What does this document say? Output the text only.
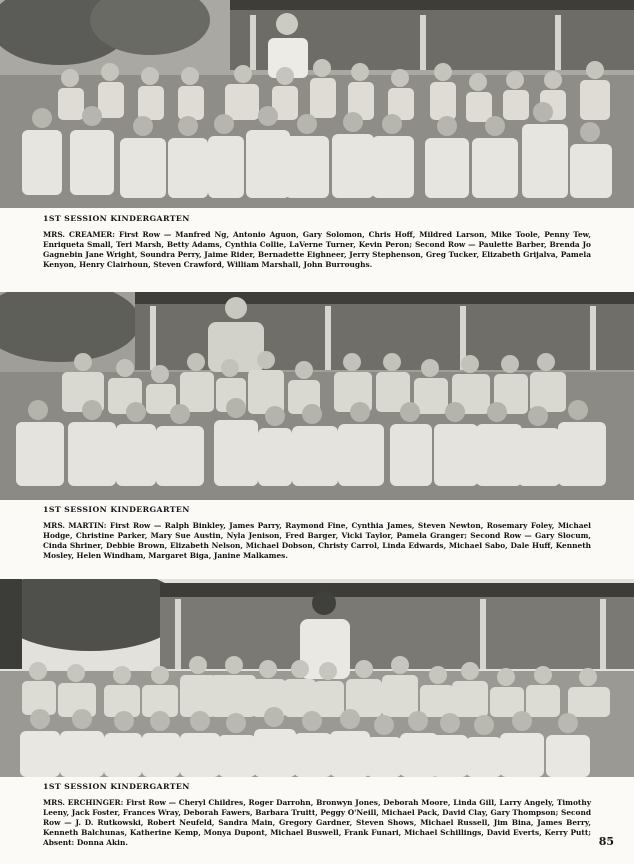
1ST SESSION KINDERGARTEN
MRS. CREAMER: First Row — Manfred Ng, Antonio Aguon, Gary Solomon, Chris Hoff, Mildred Larson, Mike Toole, Penny Tew, Enriqueta Small, Teri Marsh, Betty Adams, Cynthia Collie, LaVerne Turner, Kevin Peron; Second Row — Paulette Barber, Brenda Jo Gagnebin Jane Wright, Soundra Perry, Jaime Rider, Bernadette Eighneer, Jerry Stephenson, Greg Tucker, Elizabeth Grijalva, Pamela Kenyon, Henry Clairhoun, Steven Crawford, William Marshall, John Burroughs.
1ST SESSION KINDERGARTEN
MRS. MARTIN: First Row — Ralph Binkley, James Parry, Raymond Fine, Cynthia James, Steven Newton, Rosemary Foley, Michael Hodge, Christine Parker, Mary Sue Austin, Nyla Jenison, Fred Barger, Vicki Taylor, Pamela Granger; Second Row — Gary Slocum, Cinda Shriner, Debbie Brown, Elizabeth Nelson, Michael Dobson, Christy Carrol, Linda Edwards, Michael Sabo, Dale Huff, Kenneth Mosley, Helen Windham, Margaret Biga, Janine Malkames.
1ST SESSION KINDERGARTEN
MRS. ERCHINGER: First Row — Cheryl Childres, Roger Darrohn, Bronwyn Jones, Deborah Moore, Linda Gill, Larry Angely, Timothy Leeny, Jack Foster, Frances Wray, Deborah Fawers, Barbara Truitt, Peggy O'Neill, Michael Pack, David Clay, Gary Thompson; Second Row — J. D. Rutkowski, Robert Neufeld, Sandra Main, Gregory Gardner, Steven Shows, Michael Russell, Jim Bina, James Berry, Kenneth Balchunas, Katherine Kemp, Monya Dupont, Michael Buswell, Frank Funari, Michael Schillings, David Everts, Kerry Putt; Absent: Donna Akin.	85
